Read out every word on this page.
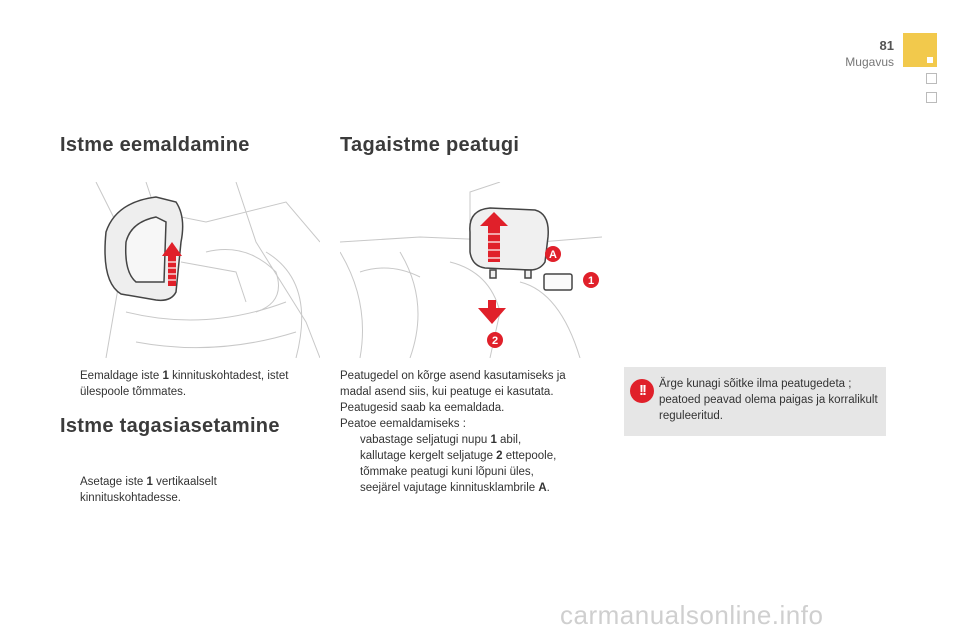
81
Mugavus
Istme eemaldamine
Eemaldage iste 1 kinnituskohtadest, istet ülespoole tõmmates.
Istme tagasiasetamine
Asetage iste 1 vertikaalselt kinnituskohtadesse.
Tagaistme peatugi
A
1
2
Peatugedel on kõrge asend kasutamiseks ja madal asend siis, kui peatuge ei kasutata.
Peatugesid saab ka eemaldada.
Peatoe eemaldamiseks :
vabastage seljatugi nupu 1 abil,
kallutage kergelt seljatuge 2 ettepoole,
tõmmake peatugi kuni lõpuni üles,
seejärel vajutage kinnitusklambrile A.
!!	Ärge kunagi sõitke ilma peatugedeta ; peatoed peavad olema paigas ja korralikult reguleeritud.
carmanualsonline.info
